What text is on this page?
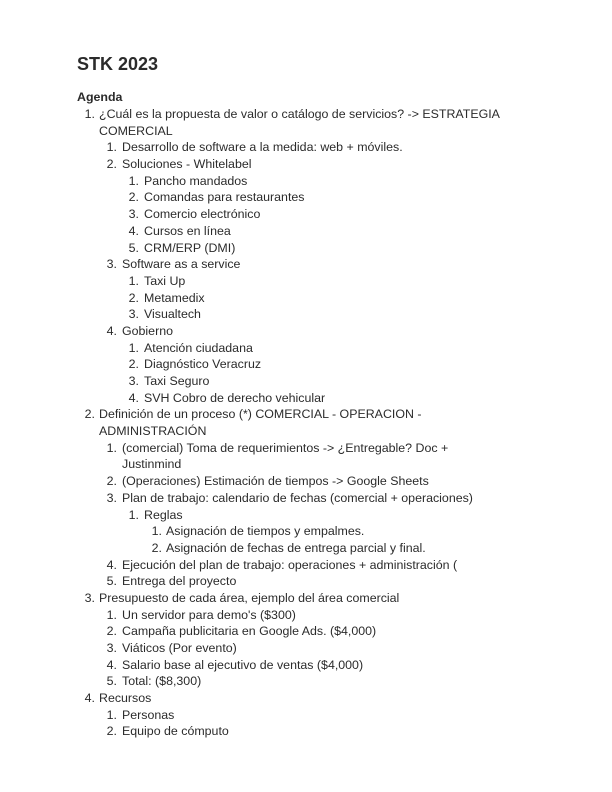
STK 2023
Agenda
1. ¿Cuál es la propuesta de valor o catálogo de servicios? -> ESTRATEGIA
COMERCIAL
1. Desarrollo de software a la medida: web + móviles.
2. Soluciones - Whitelabel
1. Pancho mandados
2. Comandas para restaurantes
3. Comercio electrónico
4. Cursos en línea
5. CRM/ERP (DMI)
3. Software as a service
1. Taxi Up
2. Metamedix
3. Visualtech
4. Gobierno
1. Atención ciudadana
2. Diagnóstico Veracruz
3. Taxi Seguro
4. SVH Cobro de derecho vehicular
2. Definición de un proceso (*) COMERCIAL - OPERACION -
ADMINISTRACIÓN
1. (comercial) Toma de requerimientos -> ¿Entregable? Doc +
Justinmind
2. (Operaciones) Estimación de tiempos -> Google Sheets
3. Plan de trabajo: calendario de fechas (comercial + operaciones)
1. Reglas
1. Asignación de tiempos y empalmes.
2. Asignación de fechas de entrega parcial y final.
4. Ejecución del plan de trabajo: operaciones + administración (
5. Entrega del proyecto
3. Presupuesto de cada área, ejemplo del área comercial
1. Un servidor para demo's ($300)
2. Campaña publicitaria en Google Ads. ($4,000)
3. Viáticos (Por evento)
4. Salario base al ejecutivo de ventas ($4,000)
5. Total: ($8,300)
4. Recursos
1. Personas
2. Equipo de cómputo
